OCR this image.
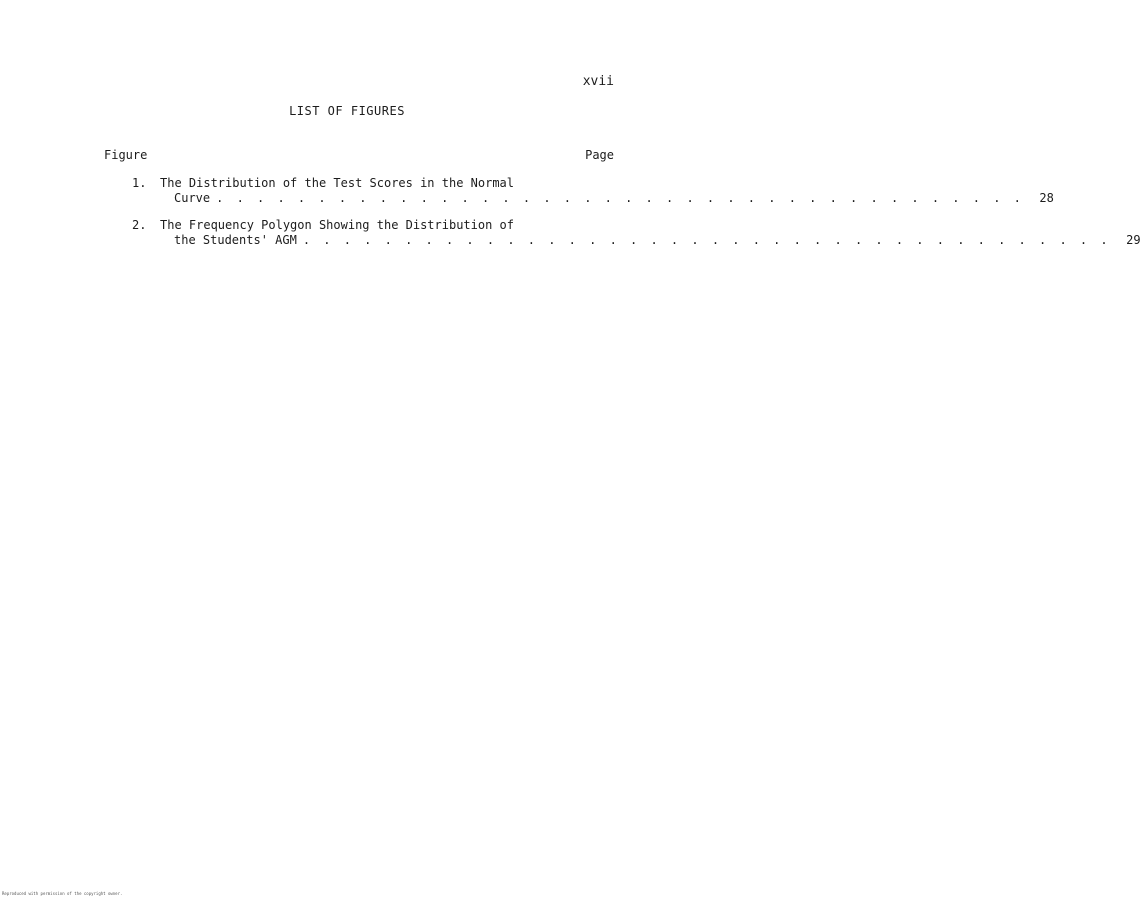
xvii
LIST OF FIGURES
Figure	Page
1. The Distribution of the Test Scores in the Normal
Curve . . . . . . . . . . . . . . . . . . . . . . . . . . . . . . . . . . . . . . . .	28
2. The Frequency Polygon Showing the Distribution of
the Students' AGM . . . . . . . . . . . . . . . . . . . . . . . . . . . . . . . . . . . . . . . .	29
Reproduced with permission of the copyright owner.
